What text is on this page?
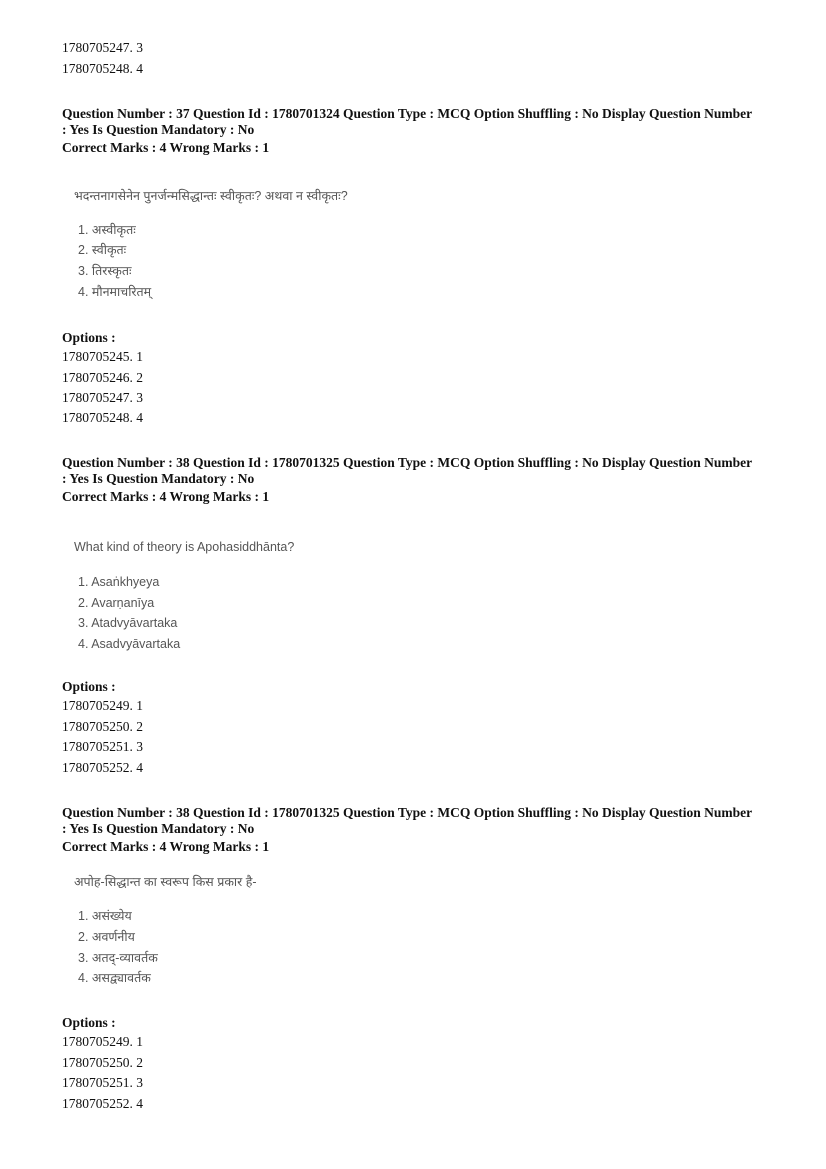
1780705247. 3
1780705248. 4
Question Number : 37 Question Id : 1780701324 Question Type : MCQ Option Shuffling : No Display Question Number
: Yes Is Question Mandatory : No
Correct Marks : 4 Wrong Marks : 1
भदन्तनागसेनेन पुनर्जन्मसिद्धान्तः स्वीकृतः? अथवा न स्वीकृतः?
1. अस्वीकृतः
2. स्वीकृतः
3. तिरस्कृतः
4. मौनमाचरितम्
Options :
1780705245. 1
1780705246. 2
1780705247. 3
1780705248. 4
Question Number : 38 Question Id : 1780701325 Question Type : MCQ Option Shuffling : No Display Question Number
: Yes Is Question Mandatory : No
Correct Marks : 4 Wrong Marks : 1
What kind of theory is Apohasiddhānta?
1. Asaṅkhyeya
2. Avarṇanīya
3. Atadvyāvartaka
4. Asadvyāvartaka
Options :
1780705249. 1
1780705250. 2
1780705251. 3
1780705252. 4
Question Number : 38 Question Id : 1780701325 Question Type : MCQ Option Shuffling : No Display Question Number
: Yes Is Question Mandatory : No
Correct Marks : 4 Wrong Marks : 1
अपोह-सिद्धान्त का स्वरूप किस प्रकार है-
1. असंख्येय
2. अवर्णनीय
3. अतद्-व्यावर्तक
4. असद्व्यावर्तक
Options :
1780705249. 1
1780705250. 2
1780705251. 3
1780705252. 4
